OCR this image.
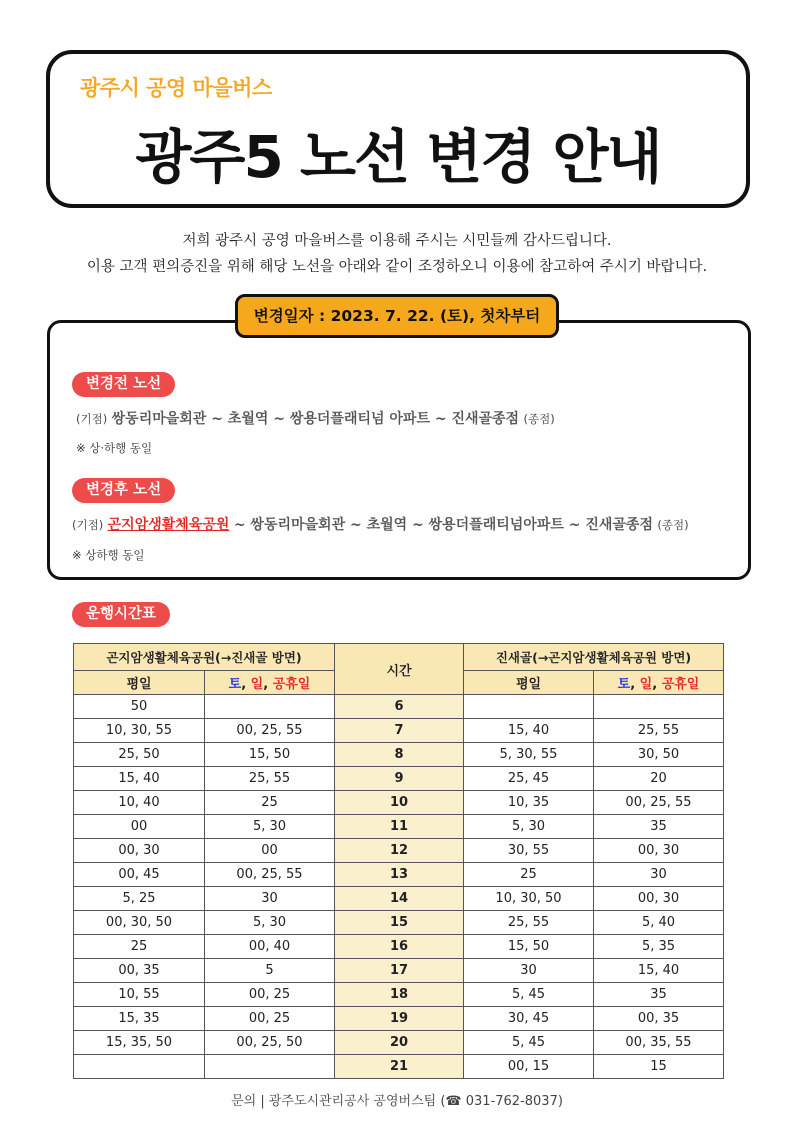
광주시 공영 마을버스
광주5 노선 변경 안내
저희 광주시 공영 마을버스를 이용해 주시는 시민들께 감사드립니다.
이용 고객 편의증진을 위해 해당 노선을 아래와 같이 조정하오니 이용에 참고하여 주시기 바랍니다.
변경일자 : 2023. 7. 22. (토), 첫차부터
변경전 노선
(기점) 쌍동리마을회관 ~ 초월역 ~ 쌍용더플래티넘 아파트 ~ 진새골종점 (종점)
※ 상·하행 동일
변경후 노선
(기점) 곤지암생활체육공원 ~ 쌍동리마을회관 ~ 초월역 ~ 쌍용더플래티넘아파트 ~ 진새골종점 (종점)
※ 상하행 동일
운행시간표
곤지암생활체육공원(→진새골 방면)		시간	진새골(→곤지암생활체육공원 방면)	
평일	토, 일, 공휴일		평일	토, 일, 공휴일
50		6		
10, 30, 55	00, 25, 55	7	15, 40	25, 55
25, 50	15, 50	8	5, 30, 55	30, 50
15, 40	25, 55	9	25, 45	20
10, 40	25	10	10, 35	00, 25, 55
00	5, 30	11	5, 30	35
00, 30	00	12	30, 55	00, 30
00, 45	00, 25, 55	13	25	30
5, 25	30	14	10, 30, 50	00, 30
00, 30, 50	5, 30	15	25, 55	5, 40
25	00, 40	16	15, 50	5, 35
00, 35	5	17	30	15, 40
10, 55	00, 25	18	5, 45	35
15, 35	00, 25	19	30, 45	00, 35
15, 35, 50	00, 25, 50	20	5, 45	00, 35, 55
		21	00, 15	15
문의 | 광주도시관리공사 공영버스팀 (☎ 031-762-8037)
